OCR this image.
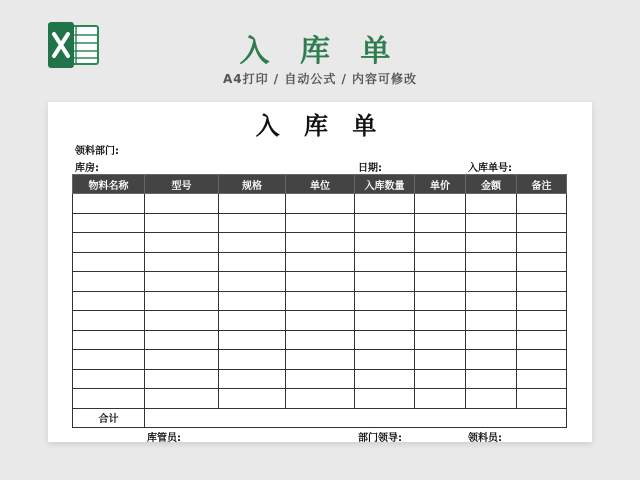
入 库 单
A4打印 / 自动公式 / 内容可修改
入 库 单
领料部门:
库房:	日期:	入库单号:
物料名称	型号	规格	单位	入库数量	单价	金额	备注

合计							
库管员:	部门领导:	领料员:
